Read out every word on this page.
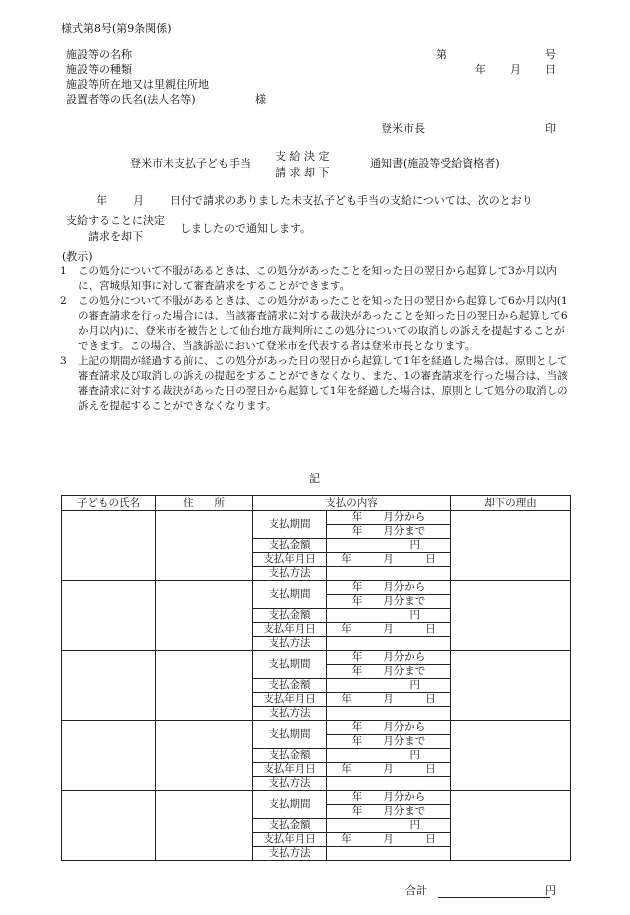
様式第8号(第9条関係)
施設等の名称
施設等の種類
施設等所在地又は里親住所地
設置者等の氏名(法人名等)	様
第	号
年 月 日
登米市長	印
登米市未支払子ども手当
支 給 決 定
請 求 却 下
通知書(施設等受給資格者)
年 月 日付で請求のありました未支払子ども手当の支給については、次のとおり
支給することに決定
請求を却下
しましたので通知します。
(教示)
1	この処分について不服があるときは、この処分があったことを知った日の翌日から起算して3か月以内に、宮城県知事に対して審査請求をすることができます。
2	この処分について不服があるときは、この処分があったことを知った日の翌日から起算して6か月以内(1の審査請求を行った場合には、当該審査請求に対する裁決があったことを知った日の翌日から起算して6か月以内)に、登米市を被告として仙台地方裁判所にこの処分についての取消しの訴えを提起することができます。この場合、当該訴訟において登米市を代表する者は登米市長となります。
3	上記の期間が経過する前に、この処分があった日の翌日から起算して1年を経過した場合は、原則として審査請求及び取消しの訴えの提起をすることができなくなり、また、1の審査請求を行った場合は、当該審査請求に対する裁決があった日の翌日から起算して1年を経過した場合は、原則として処分の取消しの訴えを提起することができなくなります。
記
子どもの氏名	住　　所	支払の内容		却下の理由
		支払期間	年　　月分から	
			年　　月分まで	
		支払金額	円	
		支払年月日	年　　　月　　　日	
		支払方法		
		支払期間	年　　月分から	
			年　　月分まで	
		支払金額	円	
		支払年月日	年　　　月　　　日	
		支払方法		
		支払期間	年　　月分から	
			年　　月分まで	
		支払金額	円	
		支払年月日	年　　　月　　　日	
		支払方法		
		支払期間	年　　月分から	
			年　　月分まで	
		支払金額	円	
		支払年月日	年　　　月　　　日	
		支払方法		
		支払期間	年　　月分から	
			年　　月分まで	
		支払金額	円	
		支払年月日	年　　　月　　　日	
		支払方法		
合計	円
